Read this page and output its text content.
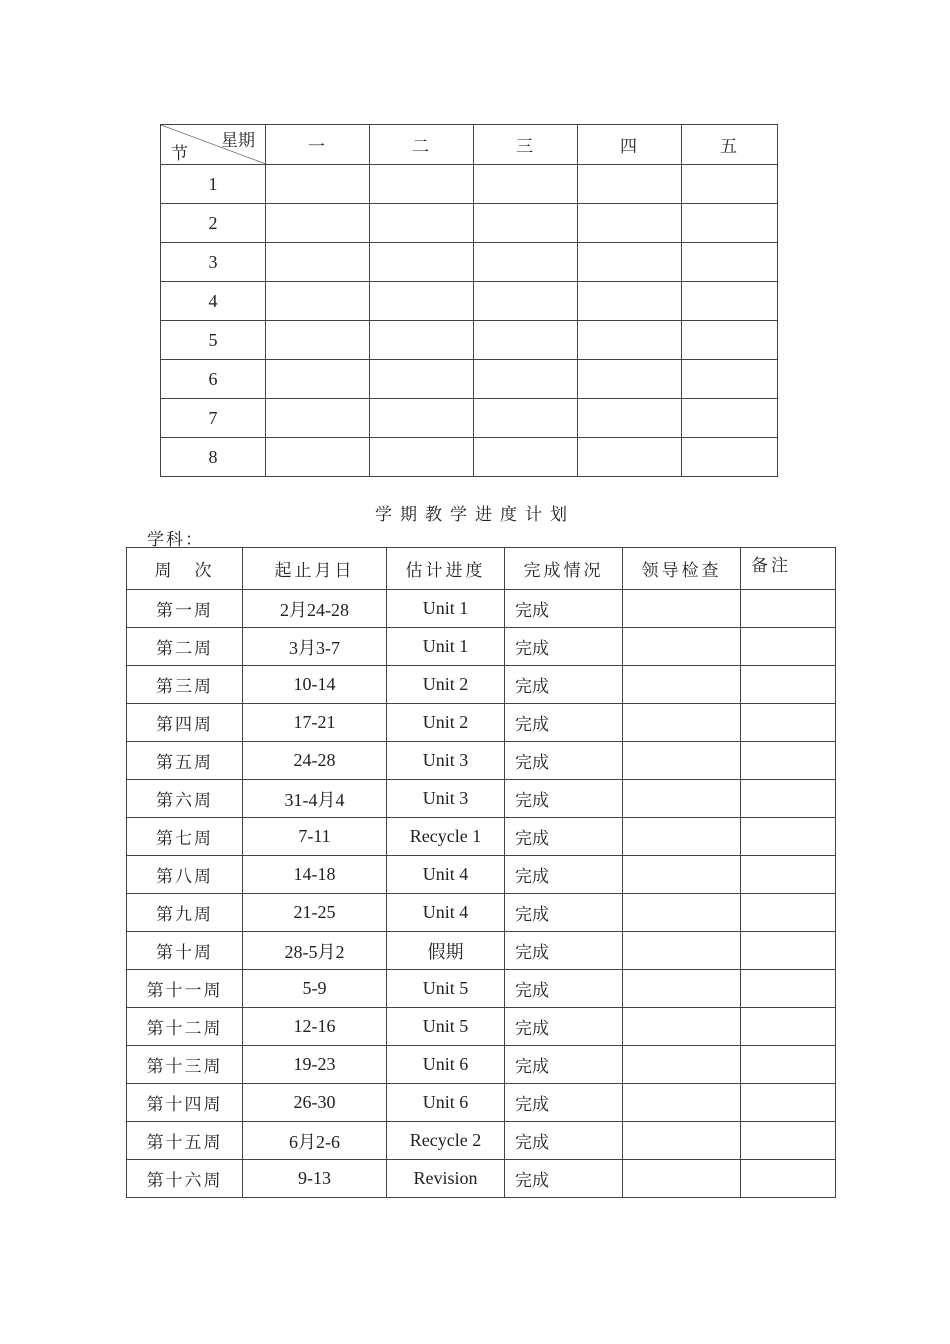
星期
节	一	二	三	四	五
1					
2					
3					
4					
5					
6					
7					
8					
学期教学进度计划
学科：
周　次	起止月日	估计进度	完成情况	领导检查	备注
第一周	2月24-28	Unit 1	完成		
第二周	3月3-7	Unit 1	完成		
第三周	10-14	Unit 2	完成		
第四周	17-21	Unit 2	完成		
第五周	24-28	Unit 3	完成		
第六周	31-4月4	Unit 3	完成		
第七周	7-11	Recycle 1	完成		
第八周	14-18	Unit 4	完成		
第九周	21-25	Unit 4	完成		
第十周	28-5月2	假期	完成		
第十一周	5-9	Unit 5	完成		
第十二周	12-16	Unit 5	完成		
第十三周	19-23	Unit 6	完成		
第十四周	26-30	Unit 6	完成		
第十五周	6月2-6	Recycle 2	完成		
第十六周	9-13	Revision	完成		
